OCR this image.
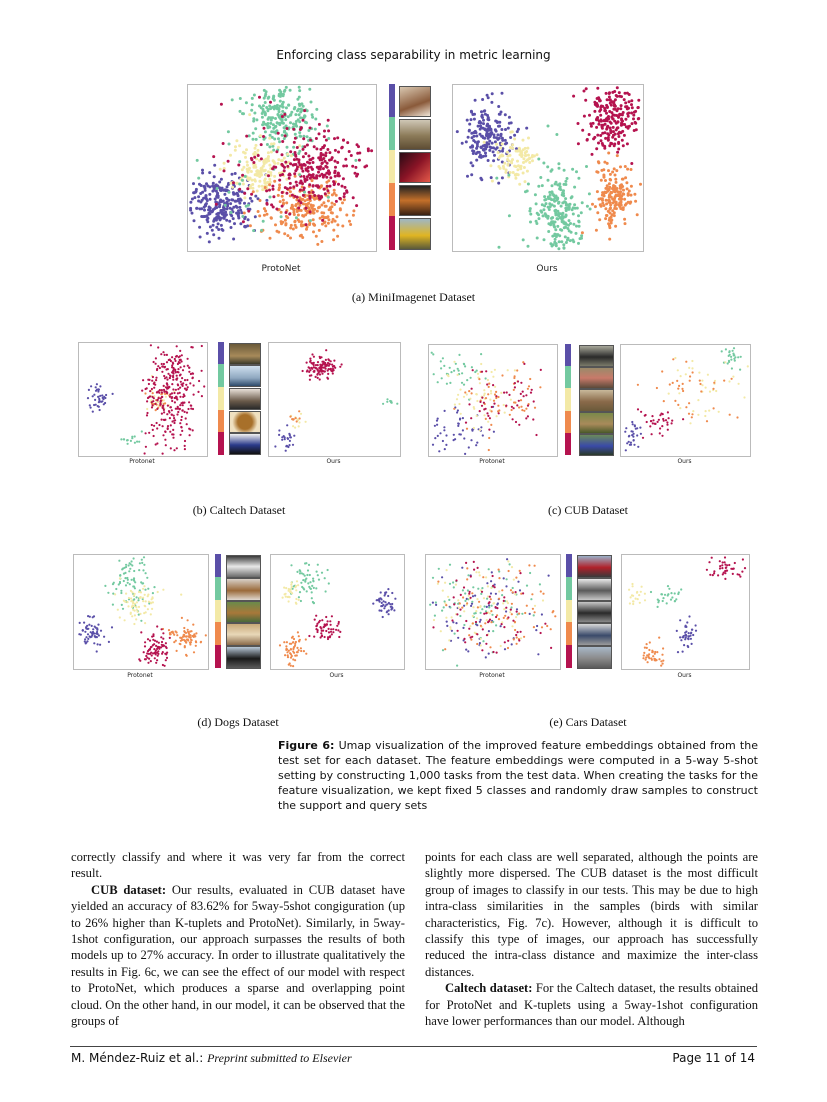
Enforcing class separability in metric learning
ProtoNet	Ours
(a) MiniImagenet Dataset
Protonet	Ours
(b) Caltech Dataset
Protonet	Ours
(c) CUB Dataset
Protonet	Ours
(d) Dogs Dataset
Protonet	Ours
(e) Cars Dataset
Figure 6: Umap visualization of the improved feature embeddings obtained from the test set for each dataset. The feature embeddings were computed in a 5-way 5-shot setting by constructing 1,000 tasks from the test data. When creating the tasks for the feature visualization, we kept fixed 5 classes and randomly draw samples to construct the support and query sets

correctly classify and where it was very far from the correct result.

CUB dataset: Our results, evaluated in CUB dataset have yielded an accuracy of 83.62% for 5way-5shot congiguration (up to 26% higher than K-tuplets and ProtoNet). Similarly, in 5way-1shot configuration, our approach surpasses the results of both models up to 27% accuracy. In order to illustrate qualitatively the results in Fig. 6c, we can see the effect of our model with respect to ProtoNet, which produces a sparse and overlapping point cloud. On the other hand, in our model, it can be observed that the groups of

points for each class are well separated, although the points are slightly more dispersed. The CUB dataset is the most difficult group of images to classify in our tests. This may be due to high intra-class similarities in the samples (birds with similar characteristics, Fig. 7c). However, although it is difficult to classify this type of images, our approach has successfully reduced the intra-class distance and maximize the inter-class distances.

Caltech dataset: For the Caltech dataset, the results obtained for ProtoNet and K-tuplets using a 5way-1shot configuration have lower performances than our model. Although

M. Méndez-Ruiz et al.: Preprint submitted to Elsevier	Page 11 of 14
